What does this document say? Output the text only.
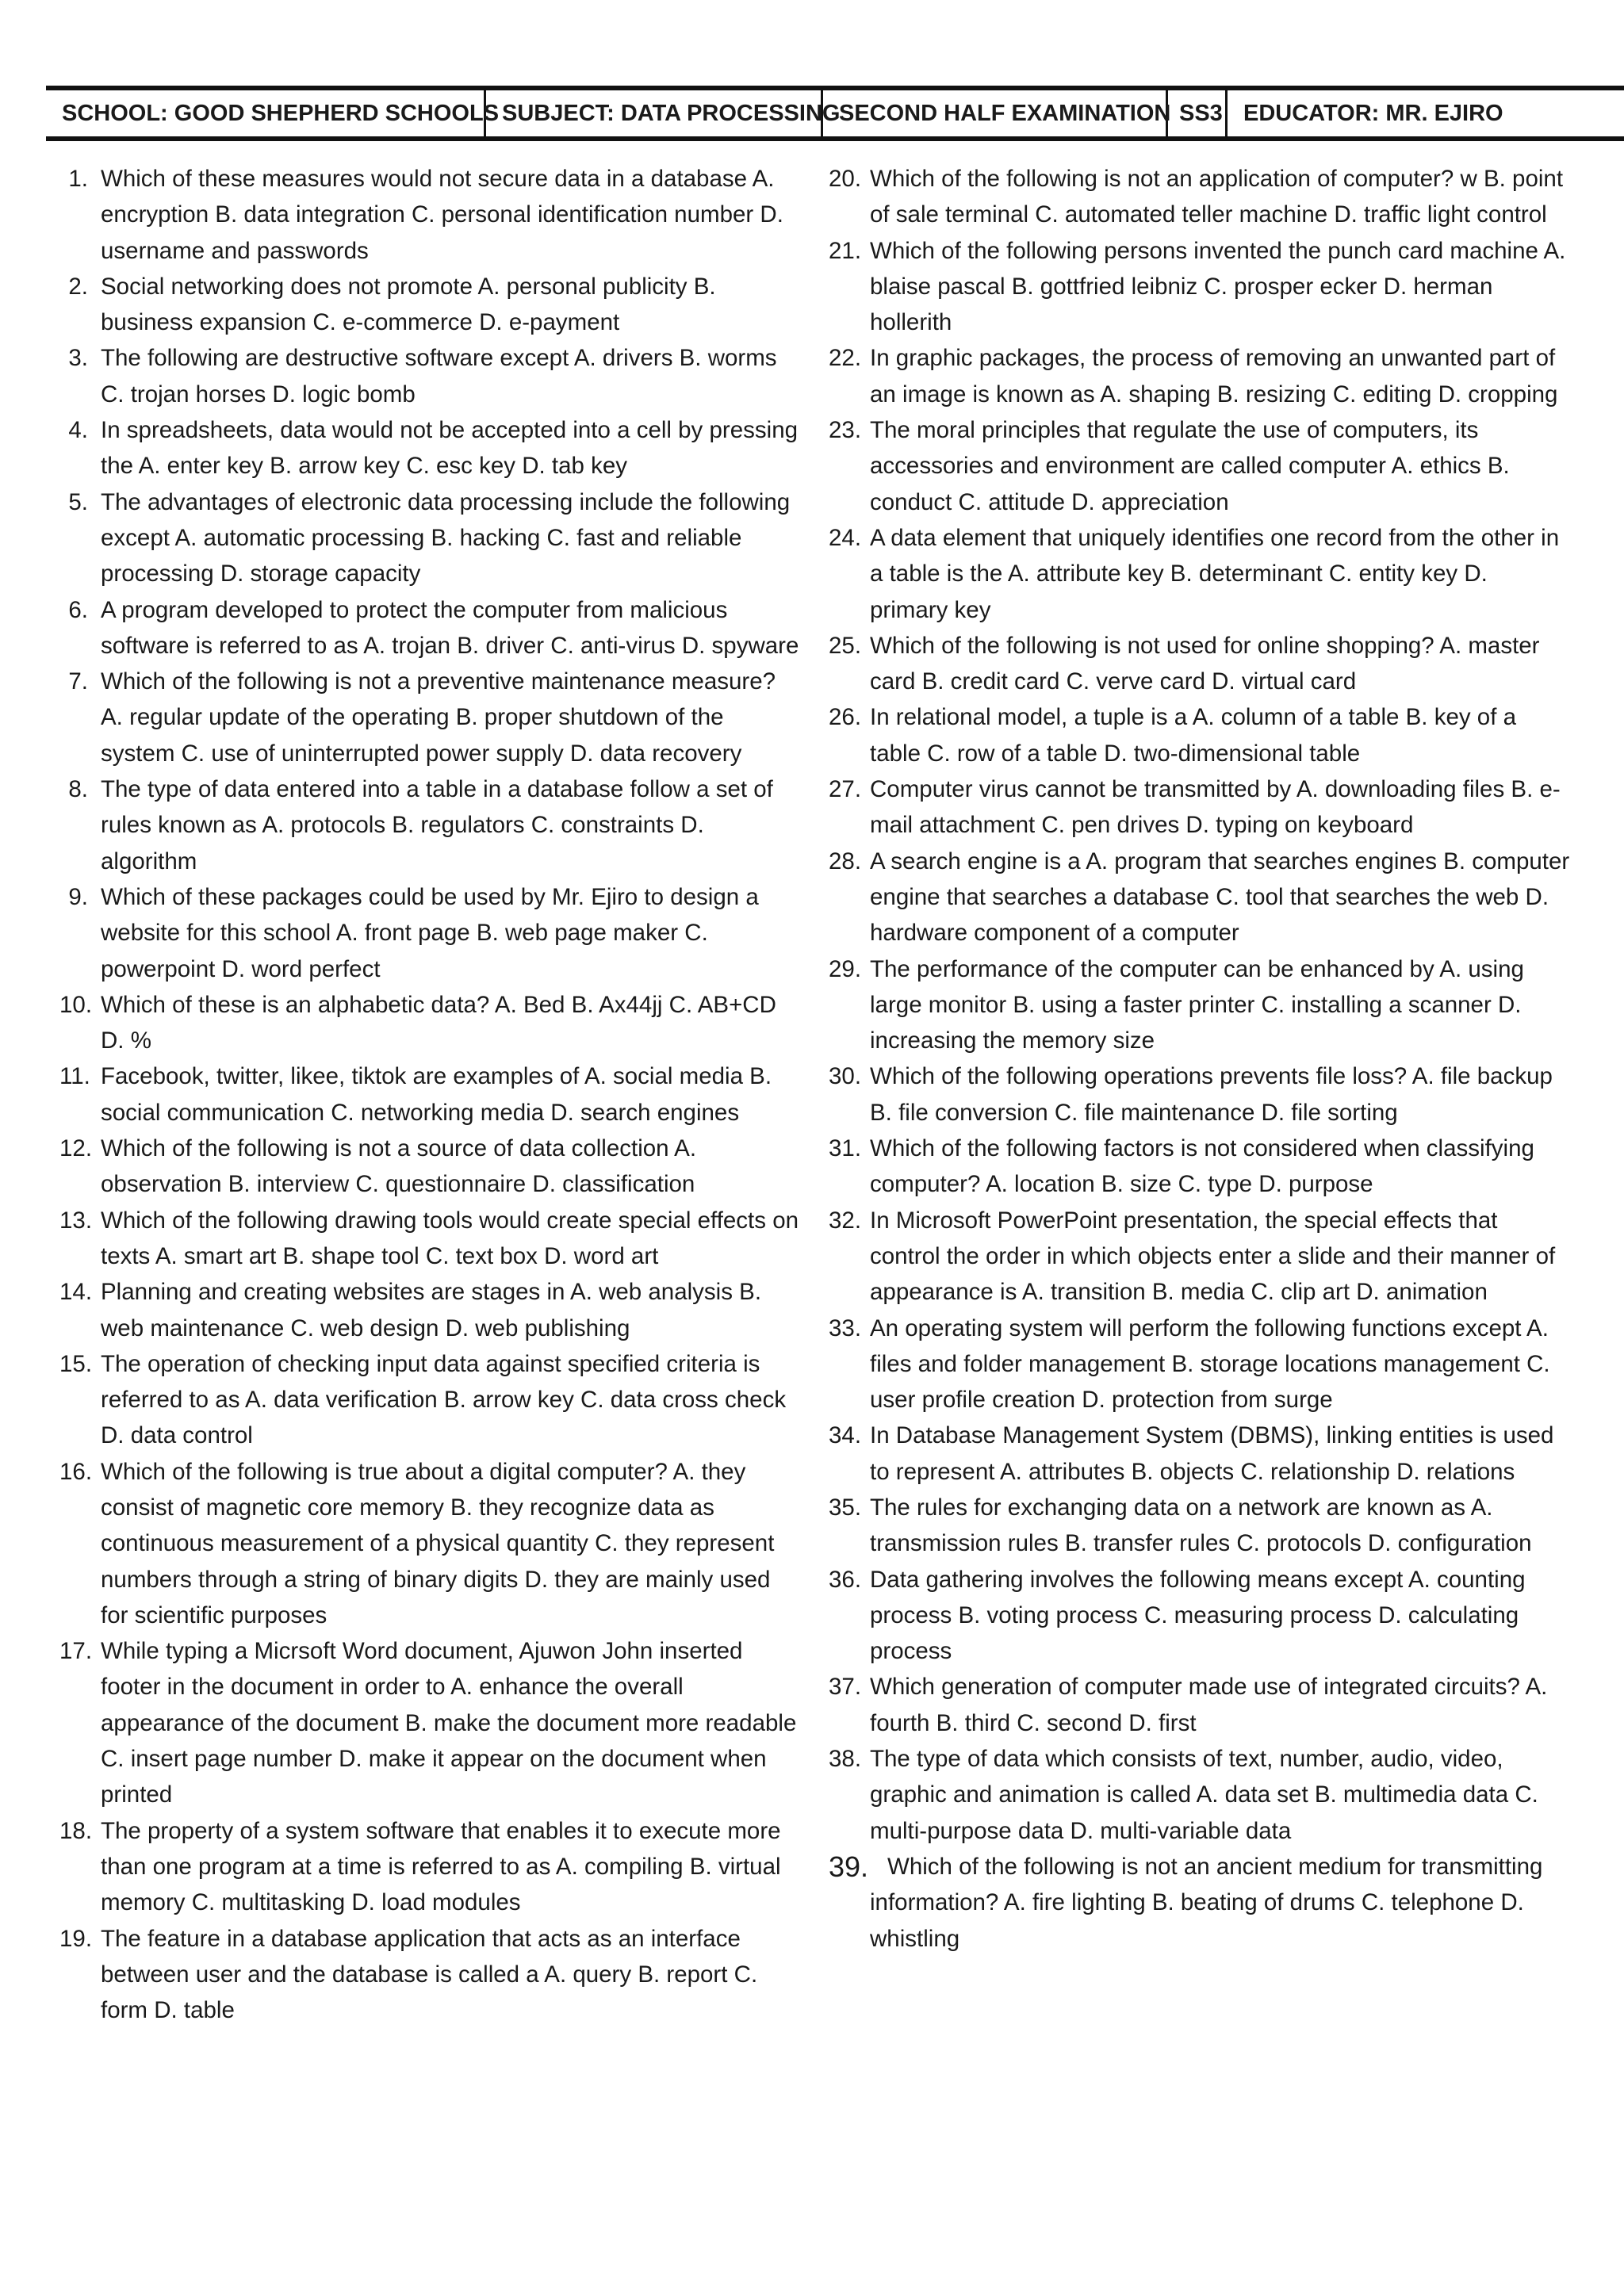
SCHOOL: GOOD SHEPHERD SCHOOLS SUBJECT: DATA PROCESSING
SECOND HALF EXAMINATION SS3 EDUCATOR: MR. EJIRO
1. Which of these measures would not secure data in a database A. encryption B. data integration C. personal identification number D. username and passwords
2. Social networking does not promote A. personal publicity B. business expansion C. e-commerce D. e-payment
3. The following are destructive software except A. drivers B. worms C. trojan horses D. logic bomb
4. In spreadsheets, data would not be accepted into a cell by pressing the A. enter key B. arrow key C. esc key D. tab key
5. The advantages of electronic data processing include the following except A. automatic processing B. hacking C. fast and reliable processing D. storage capacity
6. A program developed to protect the computer from malicious software is referred to as A. trojan B. driver C. anti-virus D. spyware
7. Which of the following is not a preventive maintenance measure? A. regular update of the operating B. proper shutdown of the system C. use of uninterrupted power supply D. data recovery
8. The type of data entered into a table in a database follow a set of rules known as A. protocols B. regulators C. constraints D. algorithm
9. Which of these packages could be used by Mr. Ejiro to design a website for this school A. front page B. web page maker C. powerpoint D. word perfect
10. Which of these is an alphabetic data? A. Bed B. Ax44jj C. AB+CD D. %
11. Facebook, twitter, likee, tiktok are examples of A. social media B. social communication C. networking media D. search engines
12. Which of the following is not a source of data collection A. observation B. interview C. questionnaire D. classification
13. Which of the following drawing tools would create special effects on texts A. smart art B. shape tool C. text box D. word art
14. Planning and creating websites are stages in A. web analysis B. web maintenance C. web design D. web publishing
15. The operation of checking input data against specified criteria is referred to as A. data verification B. arrow key C. data cross check D. data control
16. Which of the following is true about a digital computer? A. they consist of magnetic core memory B. they recognize data as continuous measurement of a physical quantity C. they represent numbers through a string of binary digits D. they are mainly used for scientific purposes
17. While typing a Micrsoft Word document, Ajuwon John inserted footer in the document in order to A. enhance the overall appearance of the document B. make the document more readable C. insert page number D. make it appear on the document when printed
18. The property of a system software that enables it to execute more than one program at a time is referred to as A. compiling B. virtual memory C. multitasking D. load modules
19. The feature in a database application that acts as an interface between user and the database is called a A. query B. report C. form D. table
20. Which of the following is not an application of computer? w B. point of sale terminal C. automated teller machine D. traffic light control
21. Which of the following persons invented the punch card machine A. blaise pascal B. gottfried leibniz C. prosper ecker D. herman hollerith
22. In graphic packages, the process of removing an unwanted part of an image is known as A. shaping B. resizing C. editing D. cropping
23. The moral principles that regulate the use of computers, its accessories and environment are called computer A. ethics B. conduct C. attitude D. appreciation
24. A data element that uniquely identifies one record from the other in a table is the A. attribute key B. determinant C. entity key D. primary key
25. Which of the following is not used for online shopping? A. master card B. credit card C. verve card D. virtual card
26. In relational model, a tuple is a A. column of a table B. key of a table C. row of a table D. two-dimensional table
27. Computer virus cannot be transmitted by A. downloading files B. e-mail attachment C. pen drives D. typing on keyboard
28. A search engine is a A. program that searches engines B. computer engine that searches a database C. tool that searches the web D. hardware component of a computer
29. The performance of the computer can be enhanced by A. using large monitor B. using a faster printer C. installing a scanner D. increasing the memory size
30. Which of the following operations prevents file loss? A. file backup B. file conversion C. file maintenance D. file sorting
31. Which of the following factors is not considered when classifying computer? A. location B. size C. type D. purpose
32. In Microsoft PowerPoint presentation, the special effects that control the order in which objects enter a slide and their manner of appearance is A. transition B. media C. clip art D. animation
33. An operating system will perform the following functions except A. files and folder management B. storage locations management C. user profile creation D. protection from surge
34. In Database Management System (DBMS), linking entities is used to represent A. attributes B. objects C. relationship D. relations
35. The rules for exchanging data on a network are known as A. transmission rules B. transfer rules C. protocols D. configuration
36. Data gathering involves the following means except A. counting process B. voting process C. measuring process D. calculating process
37. Which generation of computer made use of integrated circuits? A. fourth B. third C. second D. first
38. The type of data which consists of text, number, audio, video, graphic and animation is called A. data set B. multimedia data C. multi-purpose data D. multi-variable data
39. Which of the following is not an ancient medium for transmitting information? A. fire lighting B. beating of drums C. telephone D. whistling
